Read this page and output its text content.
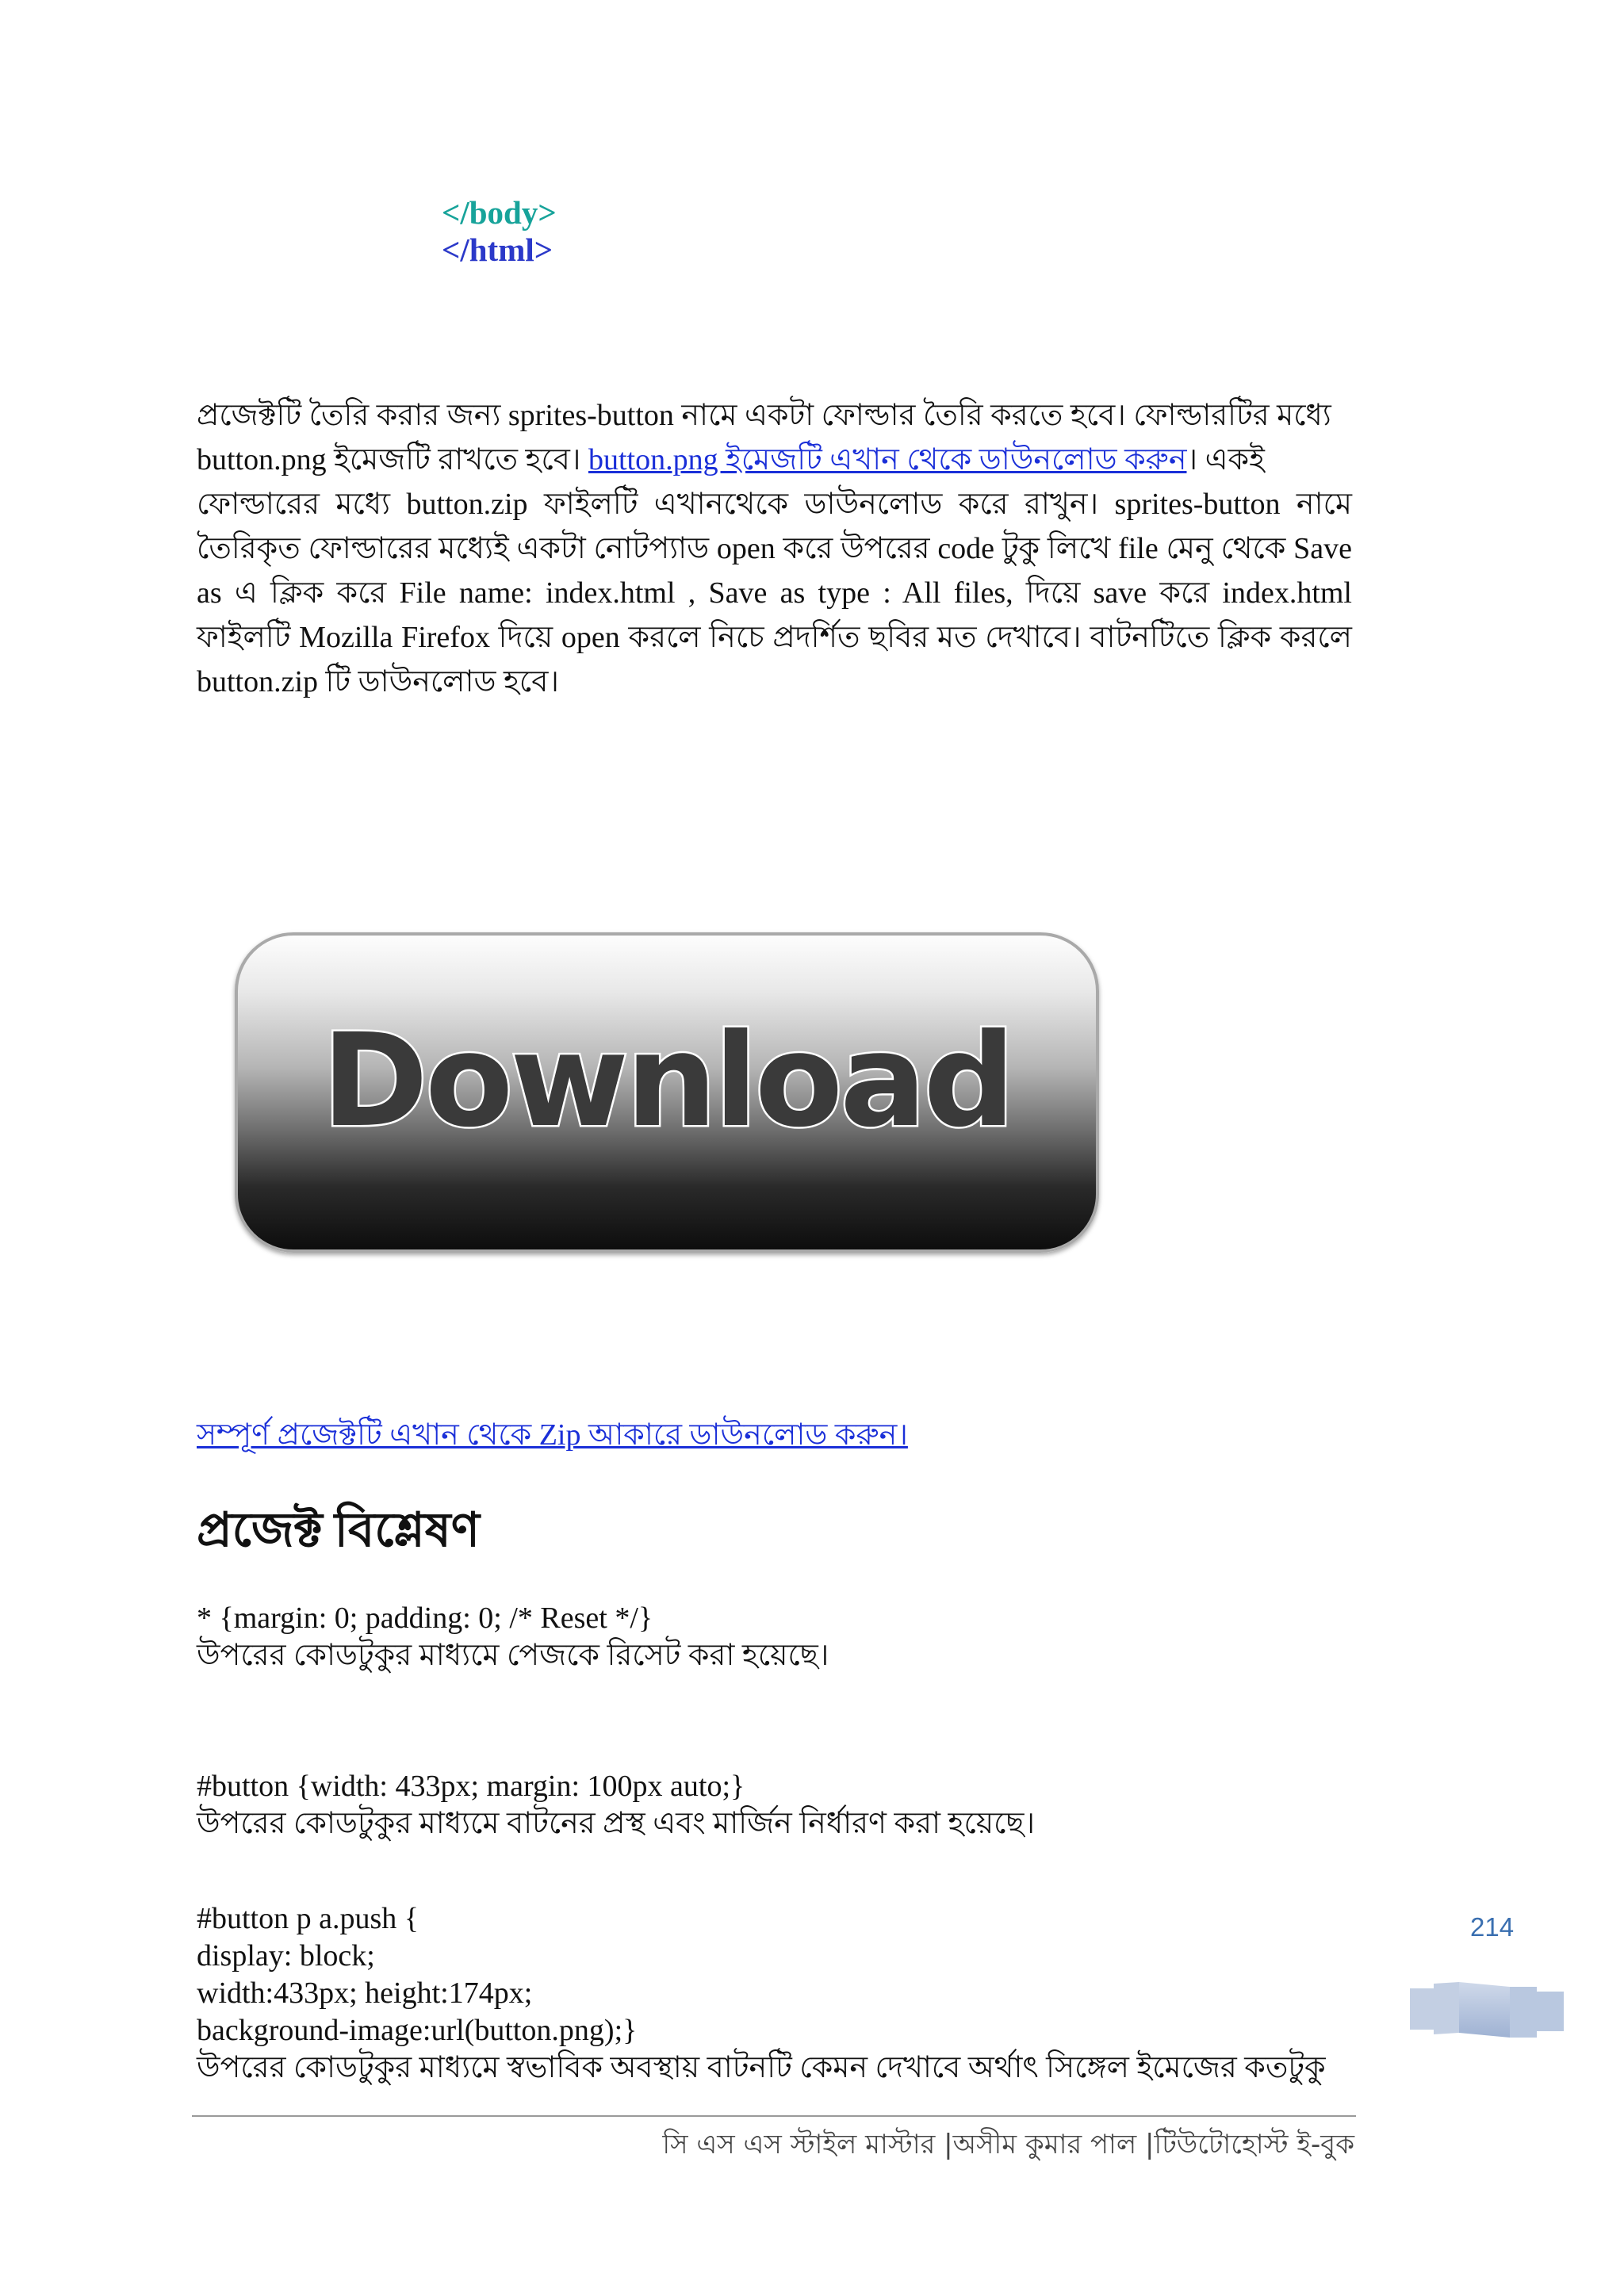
</body>
</html>
প্রজেক্টটি তৈরি করার জন্য sprites-button নামে একটা ফোল্ডার তৈরি করতে হবে। ফোল্ডারটির মধ্যে
button.png ইমেজটি রাখতে হবে। button.png ইমেজটি এখান থেকে ডাউনলোড করুন। একই
ফোল্ডারের মধ্যে button.zip ফাইলটি এখানথেকে ডাউনলোড করে রাখুন। sprites-button নামে তৈরিকৃত ফোল্ডারের মধ্যেই একটা নোটপ্যাড open করে উপরের code টুকু লিখে file মেনু থেকে Save as এ ক্লিক করে File name: index.html , Save as type : All files, দিয়ে save করে index.html ফাইলটি Mozilla Firefox দিয়ে open করলে নিচে প্রদর্শিত ছবির মত দেখাবে। বাটনটিতে ক্লিক করলে button.zip টি ডাউনলোড হবে।
Download
সম্পূর্ণ প্রজেক্টটি এখান থেকে Zip আকারে ডাউনলোড করুন।
প্রজেক্ট বিশ্লেষণ
* {margin: 0; padding: 0; /* Reset */}
উপরের কোডটুকুর মাধ্যমে পেজকে রিসেট করা হয়েছে।
#button {width: 433px; margin: 100px auto;}
উপরের কোডটুকুর মাধ্যমে বাটনের প্রস্থ এবং মার্জিন নির্ধারণ করা হয়েছে।
#button p a.push {
display: block;
width:433px; height:174px;
background-image:url(button.png);}
উপরের কোডটুকুর মাধ্যমে স্বভাবিক অবস্থায় বাটনটি কেমন দেখাবে অর্থাৎ সিঙ্গেল ইমেজের কতটুকু
214
সি এস এস স্টাইল মাস্টার |অসীম কুমার পাল |টিউটোহোস্ট ই-বুক
